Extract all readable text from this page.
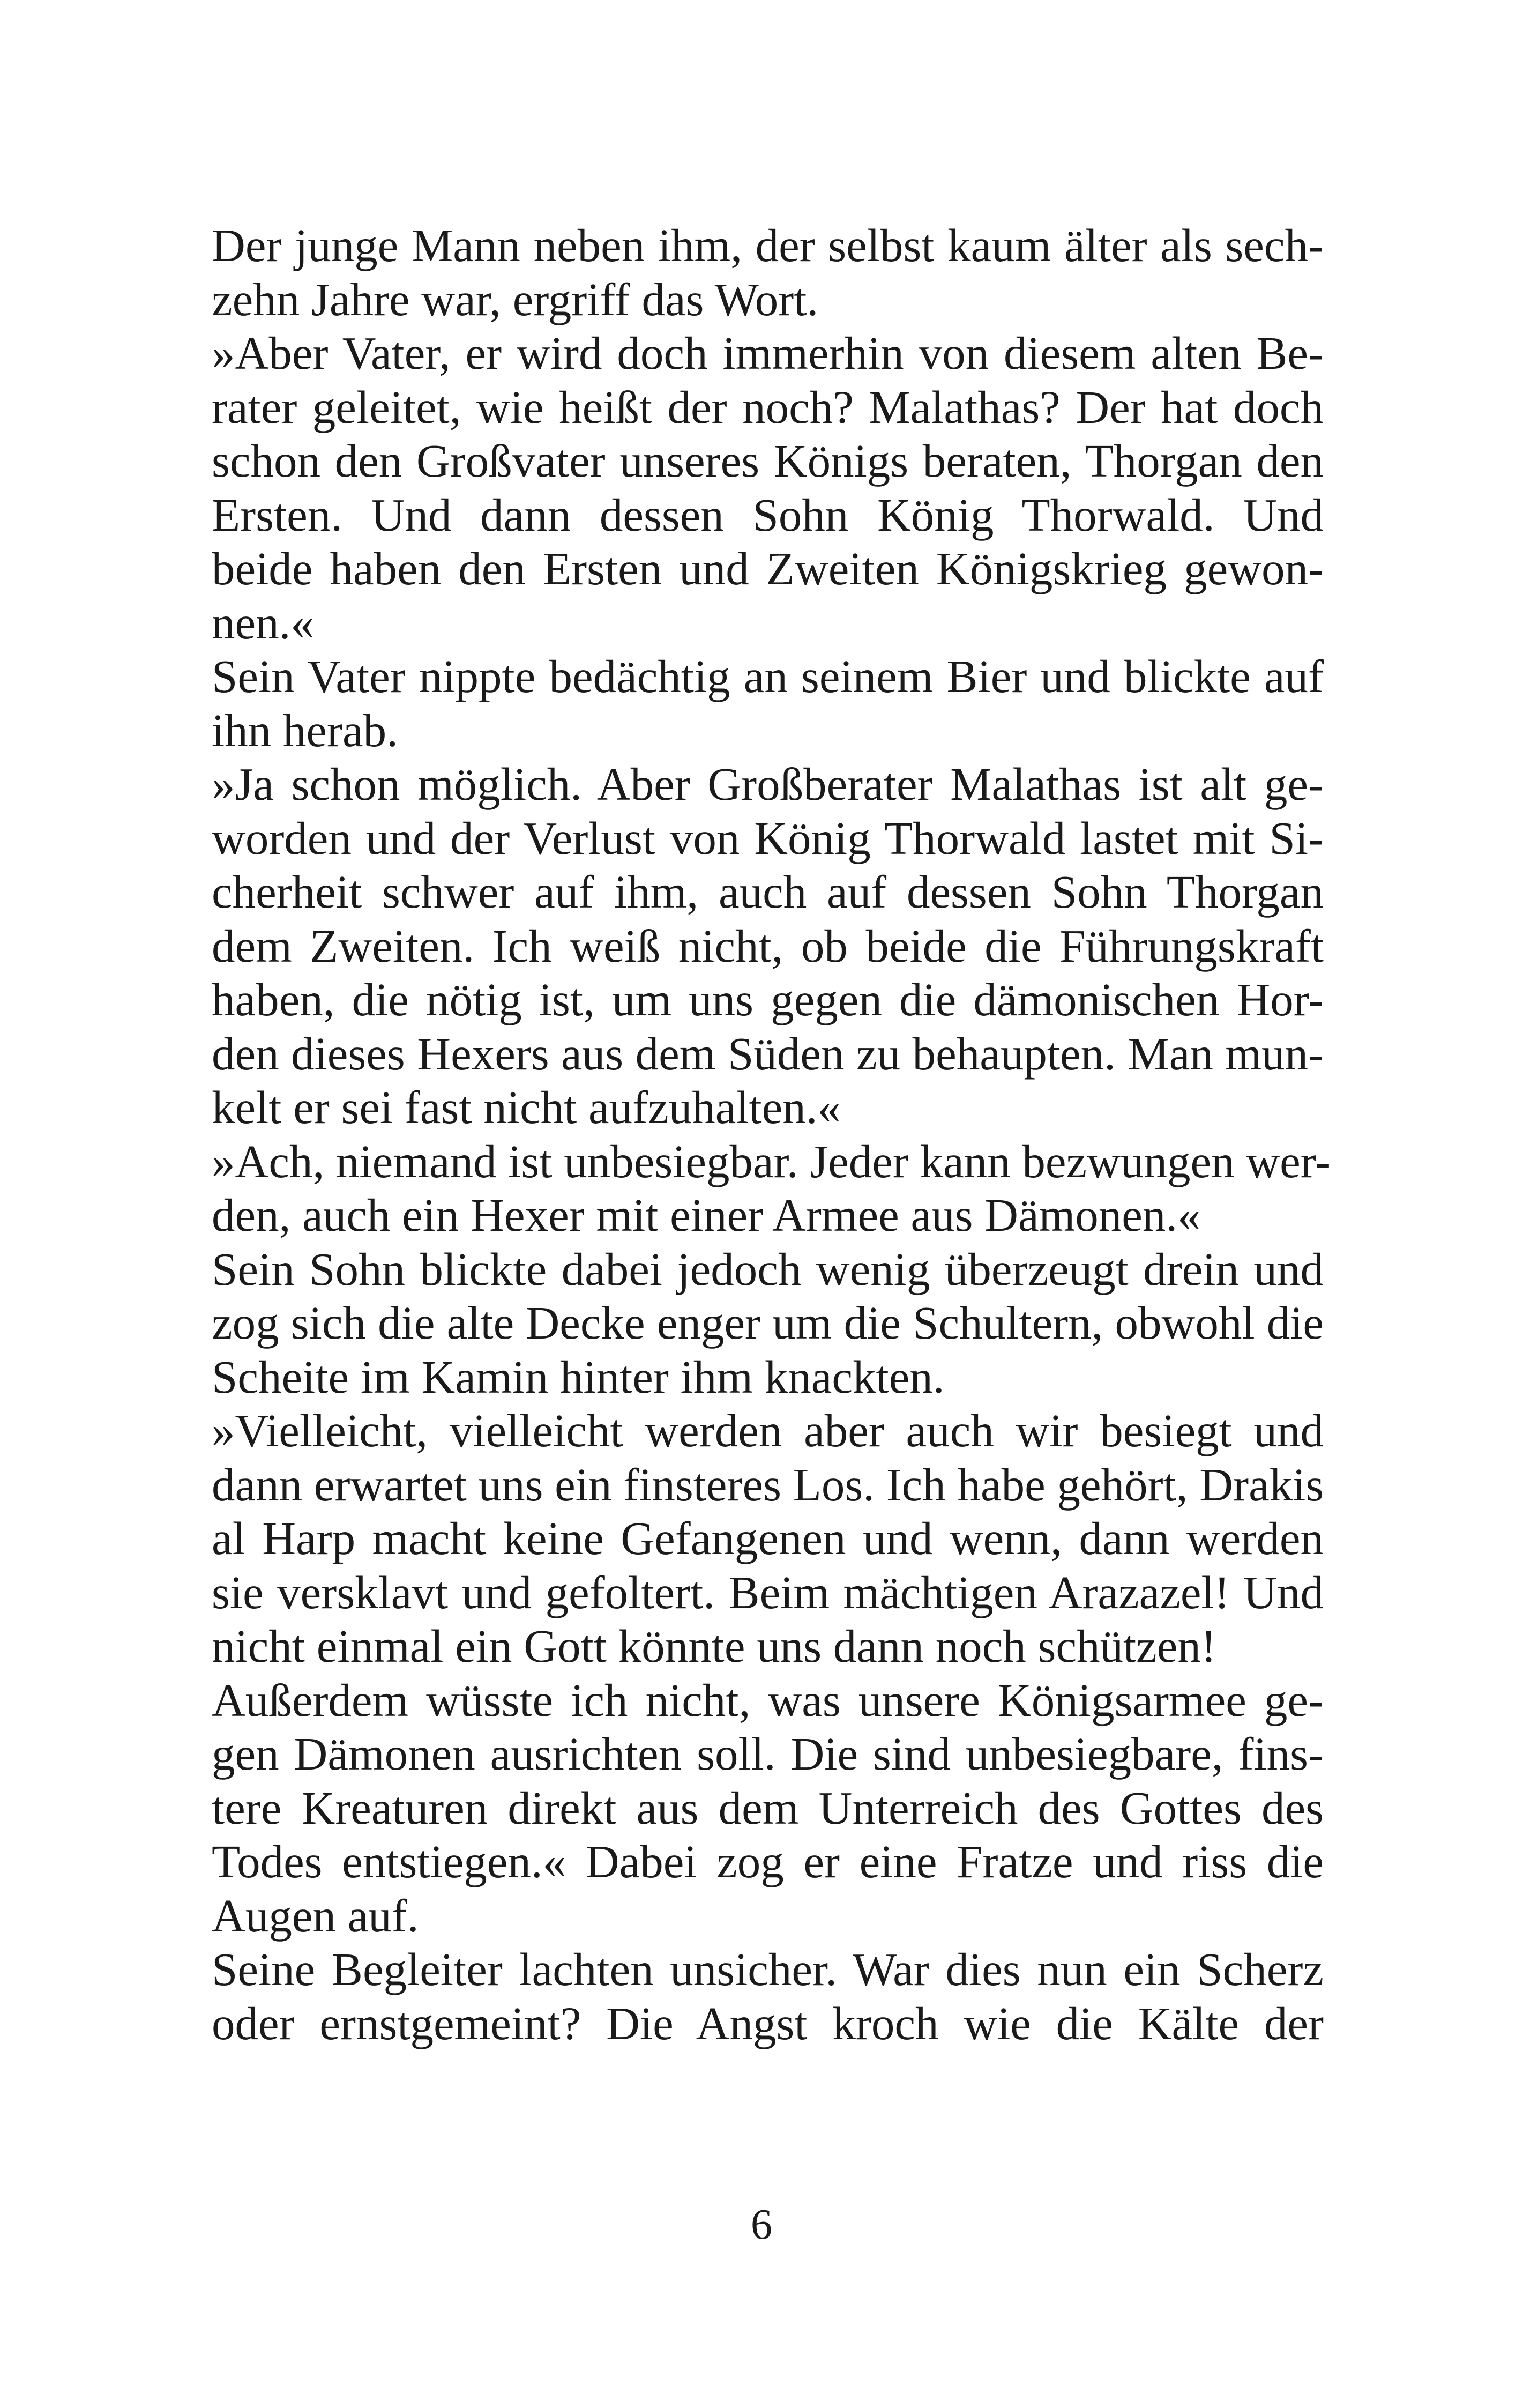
Der junge Mann neben ihm, der selbst kaum älter als sech-
zehn Jahre war, ergriff das Wort.
»Aber Vater, er wird doch immerhin von diesem alten Be-
rater geleitet, wie heißt der noch? Malathas? Der hat doch
schon den Großvater unseres Königs beraten, Thorgan den
Ersten. Und dann dessen Sohn König Thorwald. Und
beide haben den Ersten und Zweiten Königskrieg gewon-
nen.«
Sein Vater nippte bedächtig an seinem Bier und blickte auf
ihn herab.
»Ja schon möglich. Aber Großberater Malathas ist alt ge-
worden und der Verlust von König Thorwald lastet mit Si-
cherheit schwer auf ihm, auch auf dessen Sohn Thorgan
dem Zweiten. Ich weiß nicht, ob beide die Führungskraft
haben, die nötig ist, um uns gegen die dämonischen Hor-
den dieses Hexers aus dem Süden zu behaupten. Man mun-
kelt er sei fast nicht aufzuhalten.«
»Ach, niemand ist unbesiegbar. Jeder kann bezwungen wer-
den, auch ein Hexer mit einer Armee aus Dämonen.«
Sein Sohn blickte dabei jedoch wenig überzeugt drein und
zog sich die alte Decke enger um die Schultern, obwohl die
Scheite im Kamin hinter ihm knackten.
»Vielleicht, vielleicht werden aber auch wir besiegt und
dann erwartet uns ein finsteres Los. Ich habe gehört, Drakis
al Harp macht keine Gefangenen und wenn, dann werden
sie versklavt und gefoltert. Beim mächtigen Arazazel! Und
nicht einmal ein Gott könnte uns dann noch schützen!
Außerdem wüsste ich nicht, was unsere Königsarmee ge-
gen Dämonen ausrichten soll. Die sind unbesiegbare, fins-
tere Kreaturen direkt aus dem Unterreich des Gottes des
Todes entstiegen.« Dabei zog er eine Fratze und riss die
Augen auf.
Seine Begleiter lachten unsicher. War dies nun ein Scherz
oder ernstgemeint? Die Angst kroch wie die Kälte der
6
